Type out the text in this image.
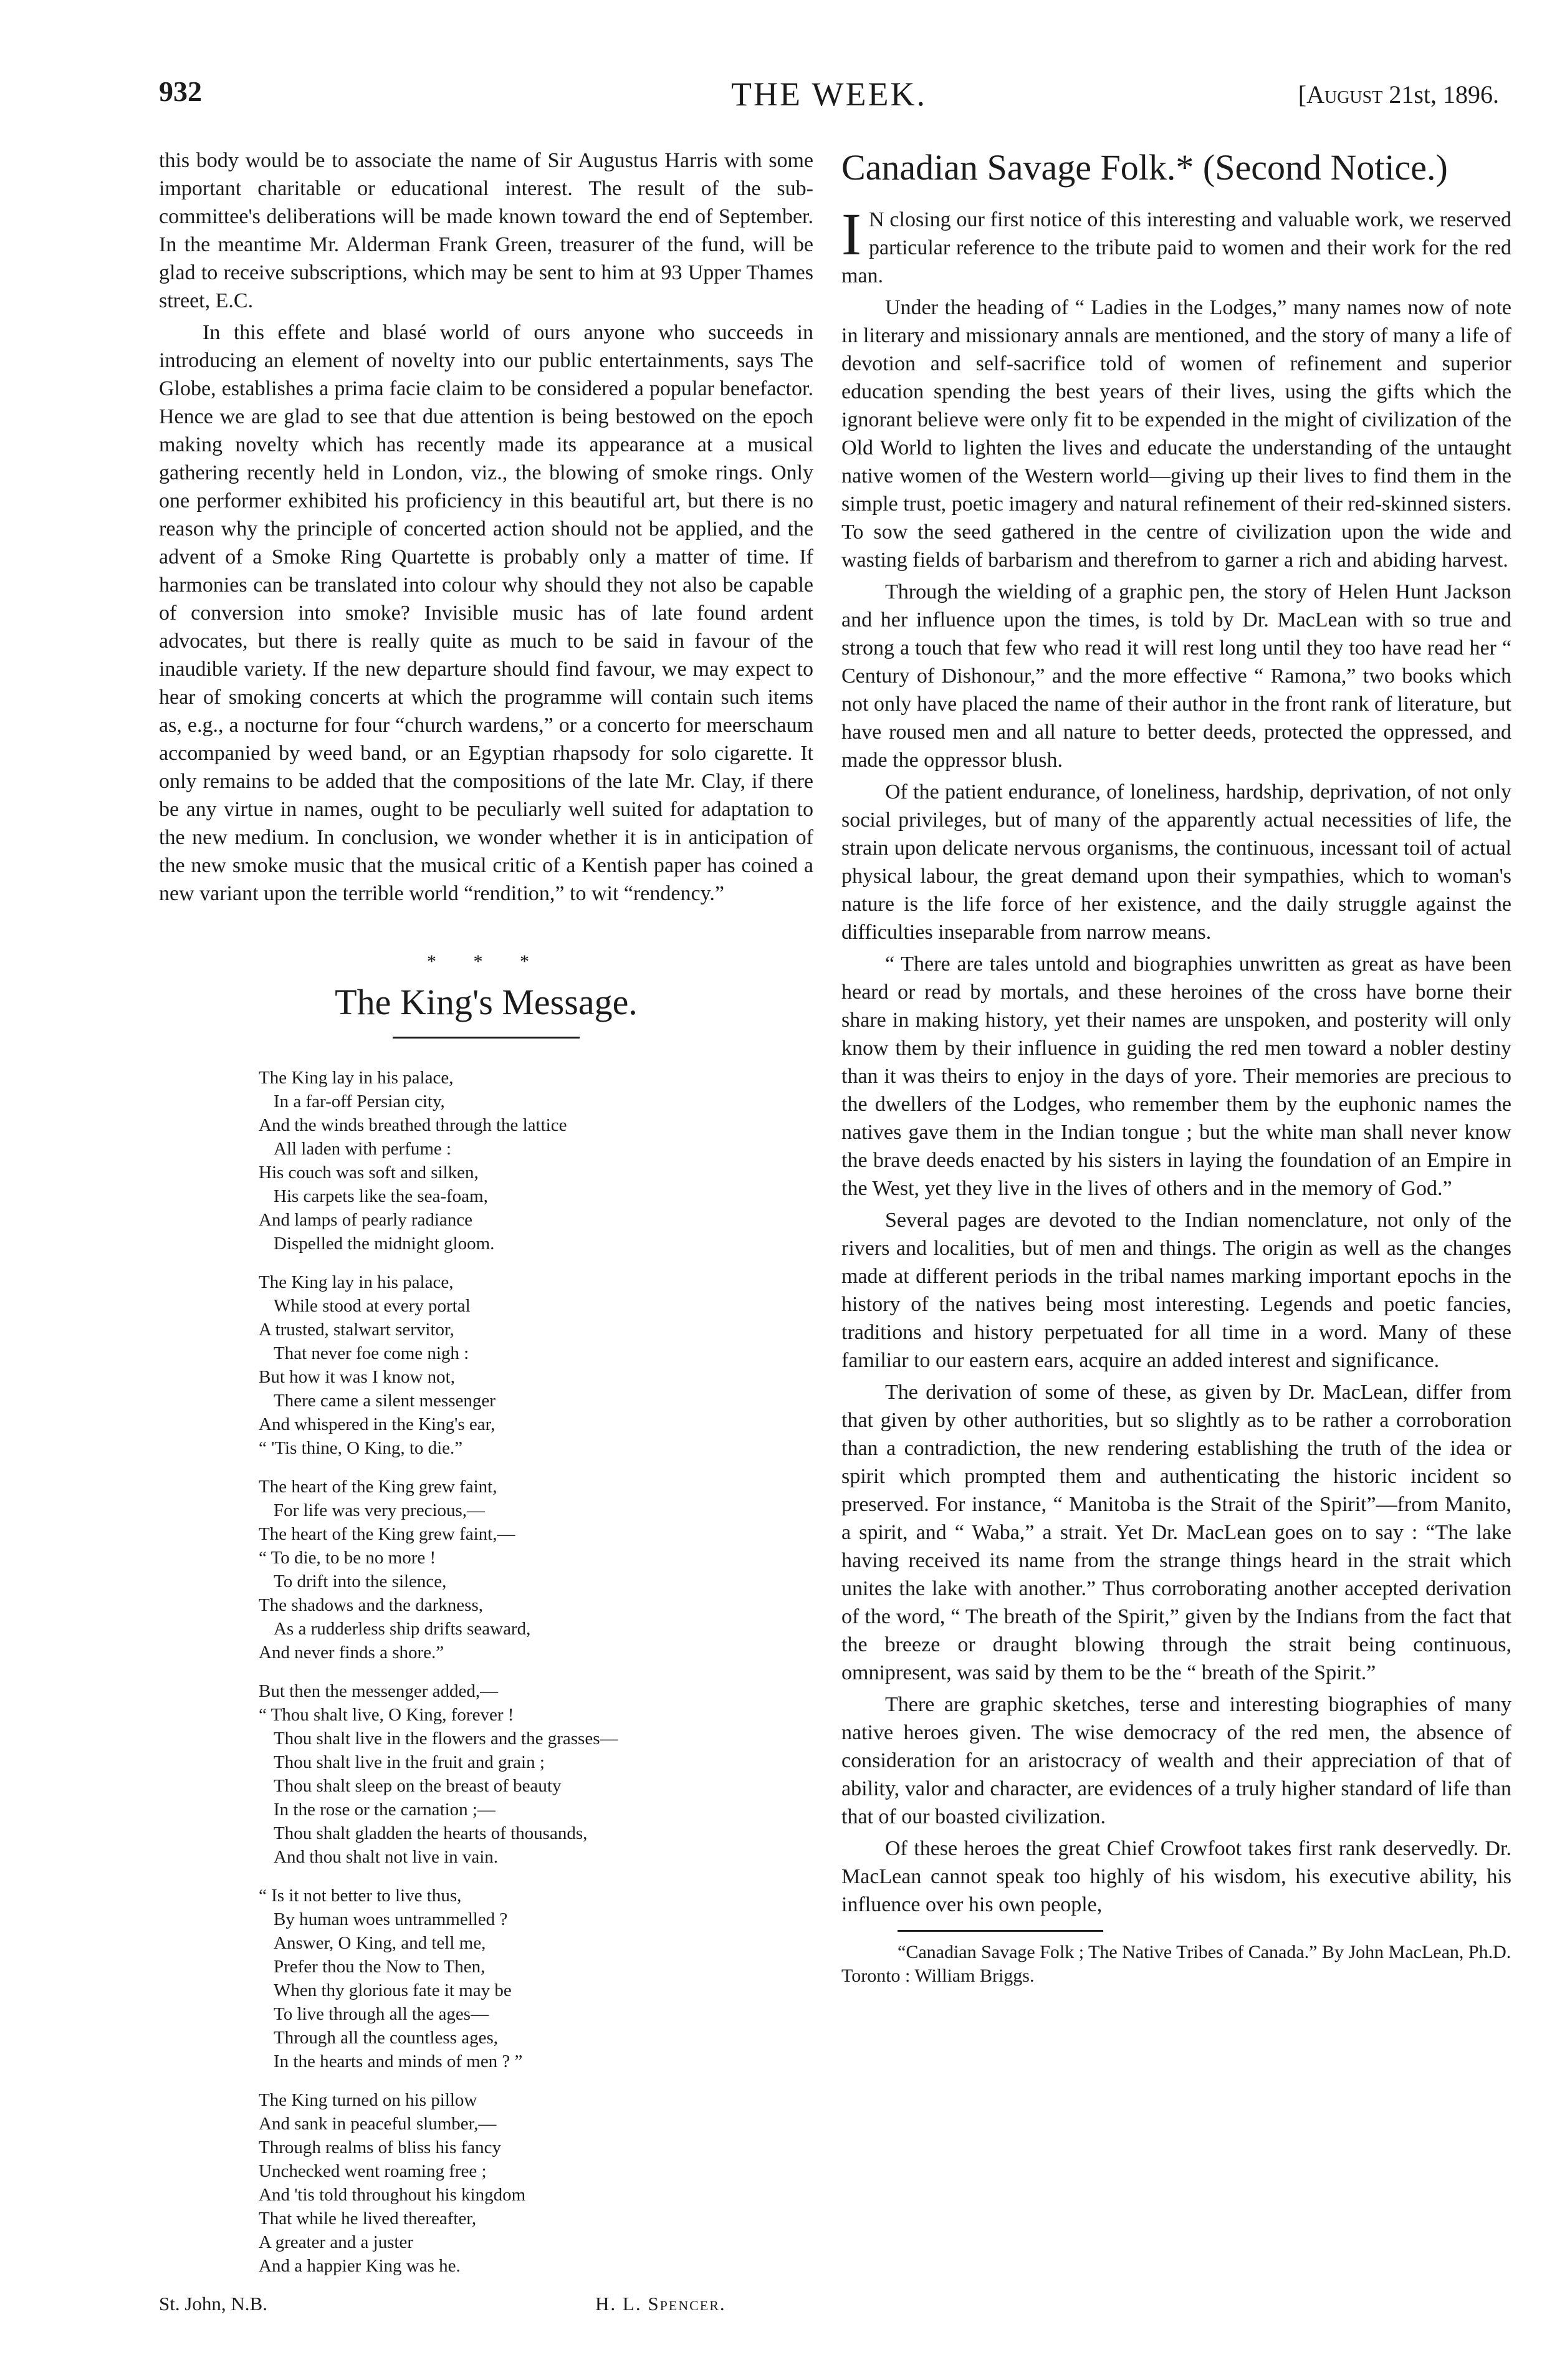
932	THE WEEK.	[August 21st, 1896.

this body would be to associate the name of Sir Augustus Harris with some important charitable or educational interest. The result of the sub-committee's deliberations will be made known toward the end of September. In the meantime Mr. Alderman Frank Green, treasurer of the fund, will be glad to receive subscriptions, which may be sent to him at 93 Upper Thames street, E.C.

In this effete and blasé world of ours anyone who succeeds in introducing an element of novelty into our public entertainments, says The Globe, establishes a prima facie claim to be considered a popular benefactor. Hence we are glad to see that due attention is being bestowed on the epoch making novelty which has recently made its appearance at a musical gathering recently held in London, viz., the blowing of smoke rings. Only one performer exhibited his proficiency in this beautiful art, but there is no reason why the principle of concerted action should not be applied, and the advent of a Smoke Ring Quartette is probably only a matter of time. If harmonies can be translated into colour why should they not also be capable of conversion into smoke? Invisible music has of late found ardent advocates, but there is really quite as much to be said in favour of the inaudible variety. If the new departure should find favour, we may expect to hear of smoking concerts at which the programme will contain such items as, e.g., a nocturne for four “church wardens,” or a concerto for meerschaum accompanied by weed band, or an Egyptian rhapsody for solo cigarette. It only remains to be added that the compositions of the late Mr. Clay, if there be any virtue in names, ought to be peculiarly well suited for adaptation to the new medium. In conclusion, we wonder whether it is in anticipation of the new smoke music that the musical critic of a Kentish paper has coined a new variant upon the terrible world “rendition,” to wit “rendency.”

* * *
The King's Message.
The King lay in his palace,
In a far-off Persian city,
And the winds breathed through the lattice
All laden with perfume :
His couch was soft and silken,
His carpets like the sea-foam,
And lamps of pearly radiance
Dispelled the midnight gloom.
The King lay in his palace,
While stood at every portal
A trusted, stalwart servitor,
That never foe come nigh :
But how it was I know not,
There came a silent messenger
And whispered in the King's ear,
“ 'Tis thine, O King, to die.”
The heart of the King grew faint,
For life was very precious,—
The heart of the King grew faint,—
“ To die, to be no more !
To drift into the silence,
The shadows and the darkness,
As a rudderless ship drifts seaward,
And never finds a shore.”
But then the messenger added,—
“ Thou shalt live, O King, forever !
Thou shalt live in the flowers and the grasses—
Thou shalt live in the fruit and grain ;
Thou shalt sleep on the breast of beauty
In the rose or the carnation ;—
Thou shalt gladden the hearts of thousands,
And thou shalt not live in vain.
“ Is it not better to live thus,
By human woes untrammelled ?
Answer, O King, and tell me,
Prefer thou the Now to Then,
When thy glorious fate it may be
To live through all the ages—
Through all the countless ages,
In the hearts and minds of men ? ”
The King turned on his pillow
And sank in peaceful slumber,—
Through realms of bliss his fancy
Unchecked went roaming free ;
And 'tis told throughout his kingdom
That while he lived thereafter,
A greater and a juster
And a happier King was he.
St. John, N.B.	H. L. Spencer.
Canadian Savage Folk.* (Second Notice.)

I N closing our first notice of this interesting and valuable work, we reserved particular reference to the tribute paid to women and their work for the red man.

Under the heading of “ Ladies in the Lodges,” many names now of note in literary and missionary annals are mentioned, and the story of many a life of devotion and self-sacrifice told of women of refinement and superior education spending the best years of their lives, using the gifts which the ignorant believe were only fit to be expended in the might of civilization of the Old World to lighten the lives and educate the understanding of the untaught native women of the Western world—giving up their lives to find them in the simple trust, poetic imagery and natural refinement of their red-skinned sisters. To sow the seed gathered in the centre of civilization upon the wide and wasting fields of barbarism and therefrom to garner a rich and abiding harvest.

Through the wielding of a graphic pen, the story of Helen Hunt Jackson and her influence upon the times, is told by Dr. MacLean with so true and strong a touch that few who read it will rest long until they too have read her “ Century of Dishonour,” and the more effective “ Ramona,” two books which not only have placed the name of their author in the front rank of literature, but have roused men and all nature to better deeds, protected the oppressed, and made the oppressor blush.

Of the patient endurance, of loneliness, hardship, deprivation, of not only social privileges, but of many of the apparently actual necessities of life, the strain upon delicate nervous organisms, the continuous, incessant toil of actual physical labour, the great demand upon their sympathies, which to woman's nature is the life force of her existence, and the daily struggle against the difficulties inseparable from narrow means.

“ There are tales untold and biographies unwritten as great as have been heard or read by mortals, and these heroines of the cross have borne their share in making history, yet their names are unspoken, and posterity will only know them by their influence in guiding the red men toward a nobler destiny than it was theirs to enjoy in the days of yore. Their memories are precious to the dwellers of the Lodges, who remember them by the euphonic names the natives gave them in the Indian tongue ; but the white man shall never know the brave deeds enacted by his sisters in laying the foundation of an Empire in the West, yet they live in the lives of others and in the memory of God.”

Several pages are devoted to the Indian nomenclature, not only of the rivers and localities, but of men and things. The origin as well as the changes made at different periods in the tribal names marking important epochs in the history of the natives being most interesting. Legends and poetic fancies, traditions and history perpetuated for all time in a word. Many of these familiar to our eastern ears, acquire an added interest and significance.

The derivation of some of these, as given by Dr. MacLean, differ from that given by other authorities, but so slightly as to be rather a corroboration than a contradiction, the new rendering establishing the truth of the idea or spirit which prompted them and authenticating the historic incident so preserved. For instance, “ Manitoba is the Strait of the Spirit”—from Manito, a spirit, and “ Waba,” a strait. Yet Dr. MacLean goes on to say : “The lake having received its name from the strange things heard in the strait which unites the lake with another.” Thus corroborating another accepted derivation of the word, “ The breath of the Spirit,” given by the Indians from the fact that the breeze or draught blowing through the strait being continuous, omnipresent, was said by them to be the “ breath of the Spirit.”

There are graphic sketches, terse and interesting biographies of many native heroes given. The wise democracy of the red men, the absence of consideration for an aristocracy of wealth and their appreciation of that of ability, valor and character, are evidences of a truly higher standard of life than that of our boasted civilization.

Of these heroes the great Chief Crowfoot takes first rank deservedly. Dr. MacLean cannot speak too highly of his wisdom, his executive ability, his influence over his own people,

“Canadian Savage Folk ; The Native Tribes of Canada.” By John MacLean, Ph.D. Toronto : William Briggs.
